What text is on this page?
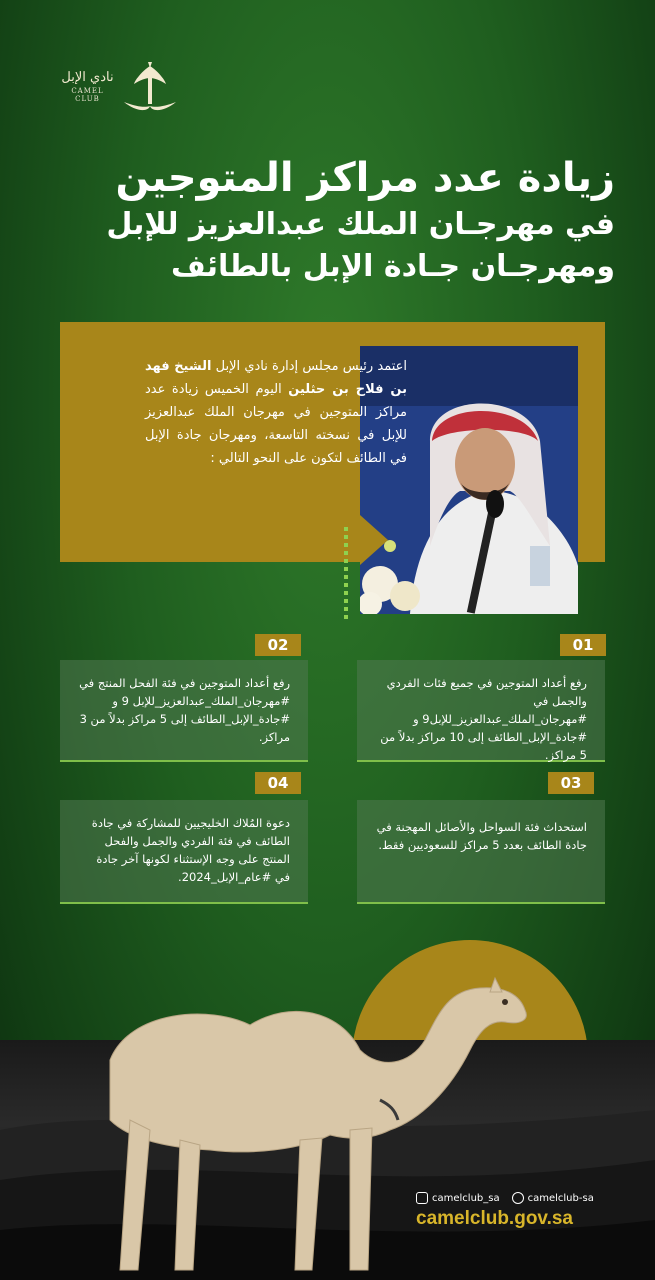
نادي الإبل
CAMEL CLUB
زيادة عدد مراكز المتوجين
في مهرجـان الملك عبدالعزيز للإبل
ومهرجـان جـادة الإبل بالطائف
اعتمد رئيس مجلس إدارة نادي الإبل الشيخ فهد بن فلاح بن حثلين اليوم الخميس زيادة عدد مراكز المتوجين في مهرجان الملك عبدالعزيز للإبل في نسخته التاسعة، ومهرجان جادة الإبل في الطائف لتكون على النحو التالي :
01
رفع أعداد المتوجين في جميع فئات الفردي والجمل في #مهرجان_الملك_عبدالعزيز_للإبل9 و #جادة_الإبل_الطائف إلى 10 مراكز بدلاً من 5 مراكز.
02
رفع أعداد المتوجين في فئة الفحل المنتج في #مهرجان_الملك_عبدالعزيز_للإبل 9 و #جادة_الإبل_الطائف إلى 5 مراكز بدلاً من 3 مراكز.
03
استحداث فئة السواحل والأصائل المهجنة في جادة الطائف بعدد 5 مراكز للسعوديين فقط.
04
دعوة المُلاك الخليجيين للمشاركة في جادة الطائف في فئة الفردي والجمل والفحل المنتج على وجه الإستثناء لكونها آخر جادة في #عام_الإبل_2024.
camelclub_sa	camelclub-sa
camelclub.gov.sa
